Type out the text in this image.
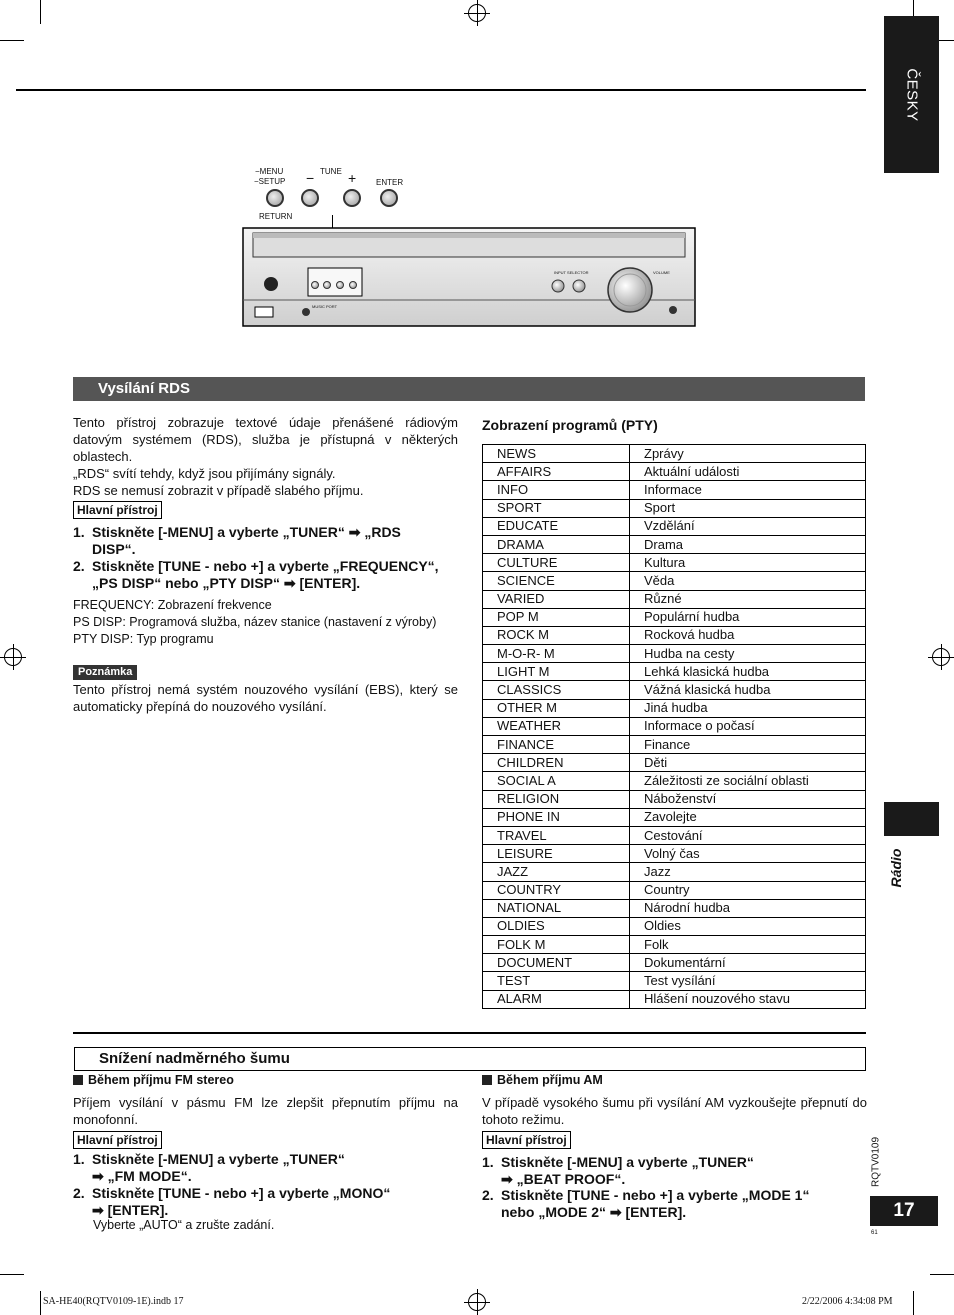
ČESKY
−MENU
−SETUP
TUNE
− + ENTER
RETURN
MUSIC PORT
INPUT SELECTOR	VOLUME
Vysílání RDS
Tento přístroj zobrazuje textové údaje přenášené rádiovým datovým systémem (RDS), služba je přístupná v některých oblastech.
„RDS“ svítí tehdy, když jsou přijímány signály.
RDS se nemusí zobrazit v případě slabého příjmu.
Hlavní přístroj
1. Stiskněte [-MENU] a vyberte „TUNER“ ➡ „RDS
DISP“.
2. Stiskněte [TUNE - nebo +] a vyberte „FREQUENCY“,
„PS DISP“ nebo „PTY DISP“ ➡ [ENTER].
FREQUENCY: Zobrazení frekvence
PS DISP: Programová služba, název stanice (nastavení z výroby)
PTY DISP: Typ programu
Poznámka
Tento přístroj nemá systém nouzového vysílání (EBS), který se automaticky přepíná do nouzového vysílání.
Zobrazení programů (PTY)
NEWS	Zprávy
AFFAIRS	Aktuální události
INFO	Informace
SPORT	Sport
EDUCATE	Vzdělání
DRAMA	Drama
CULTURE	Kultura
SCIENCE	Věda
VARIED	Různé
POP M	Populární hudba
ROCK M	Rocková hudba
M-O-R- M	Hudba na cesty
LIGHT M	Lehká klasická hudba
CLASSICS	Vážná klasická hudba
OTHER M	Jiná hudba
WEATHER	Informace o počasí
FINANCE	Finance
CHILDREN	Děti
SOCIAL A	Záležitosti ze sociální oblasti
RELIGION	Náboženství
PHONE IN	Zavolejte
TRAVEL	Cestování
LEISURE	Volný čas
JAZZ	Jazz
COUNTRY	Country
NATIONAL	Národní hudba
OLDIES	Oldies
FOLK M	Folk
DOCUMENT	Dokumentární
TEST	Test vysílání
ALARM	Hlášení nouzového stavu
Rádio
RQTV0109
17
61
Snížení nadměrného šumu
Během příjmu FM stereo
Příjem vysílání v pásmu FM lze zlepšit přepnutím příjmu na monofonní.
Hlavní přístroj
1. Stiskněte [-MENU] a vyberte „TUNER“
➡ „FM MODE“.
2. Stiskněte [TUNE - nebo +] a vyberte „MONO“
➡ [ENTER].
Vyberte „AUTO“ a zrušte zadání.
Během příjmu AM
V případě vysokého šumu při vysílání AM vyzkoušejte přepnutí do tohoto režimu.
Hlavní přístroj
1. Stiskněte [-MENU] a vyberte „TUNER“
➡ „BEAT PROOF“.
2. Stiskněte [TUNE - nebo +] a vyberte „MODE 1“
nebo „MODE 2“ ➡ [ENTER].
SA-HE40(RQTV0109-1E).indb 17	2/22/2006 4:34:08 PM
